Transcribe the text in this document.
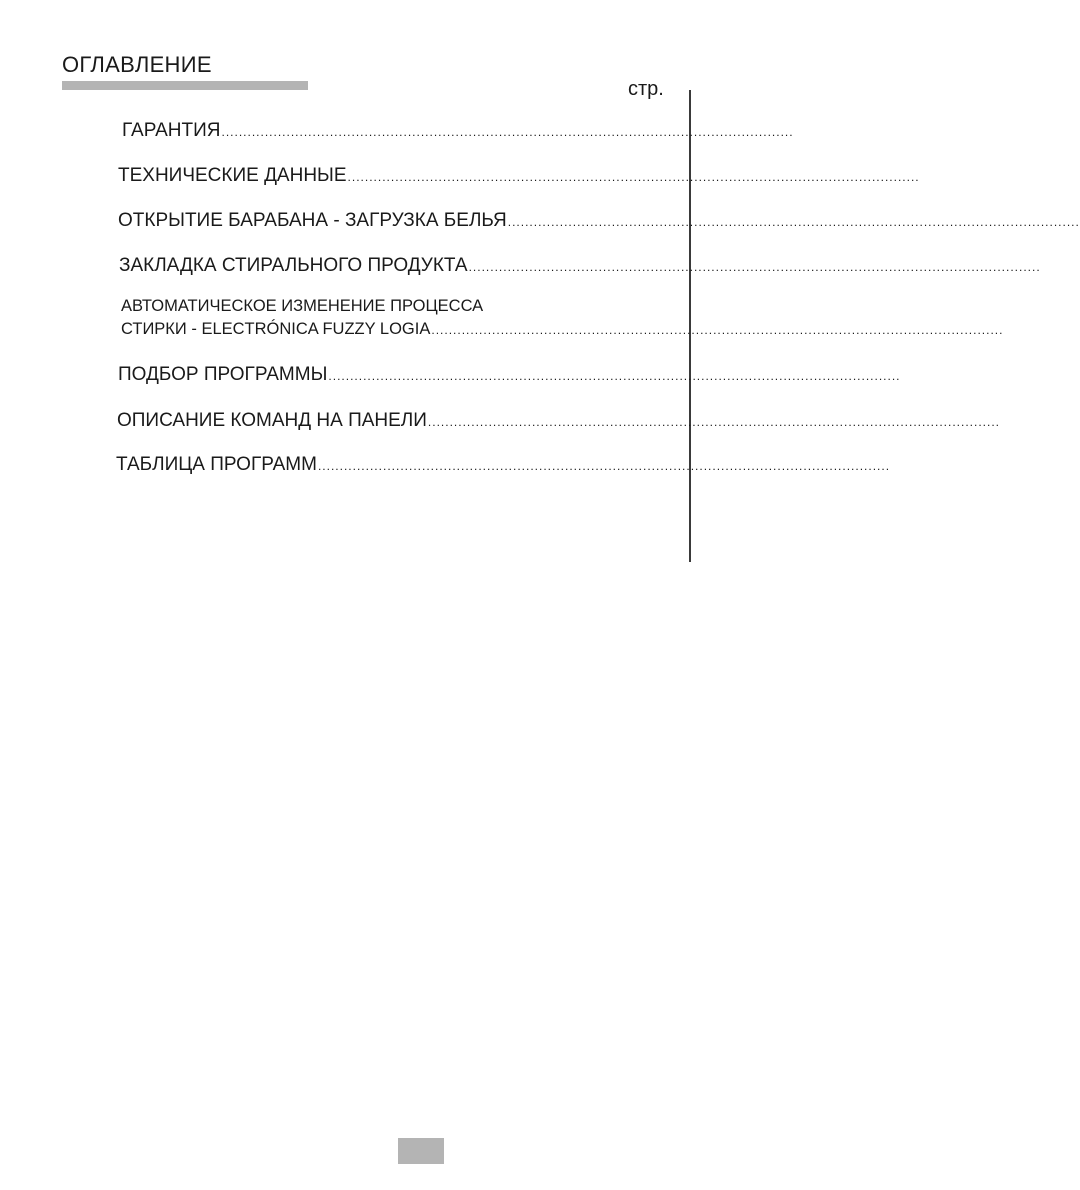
ОГЛАВЛЕНИЕ
стр.
ГАРАНТИЯ ....................................................................................................................................
ТЕХНИЧЕСКИЕ ДАННЫЕ ....................................................................................................................................
ОТКРЫТИЕ БАРАБАНА - ЗАГРУЗКА БЕЛЬЯ ....................................................................................................................................
ЗАКЛАДКА СТИРАЛЬНОГО ПРОДУКТА ....................................................................................................................................
АВТОМАТИЧЕСКОЕ ИЗМЕНЕНИЕ ПРОЦЕССА
СТИРКИ - ELECTRÓNICA FUZZY LOGIA ....................................................................................................................................
ПОДБОР ПРОГРАММЫ ....................................................................................................................................
ОПИСАНИЕ КОМАНД НА ПАНЕЛИ ....................................................................................................................................
ТАБЛИЦА ПРОГРАММ ....................................................................................................................................
